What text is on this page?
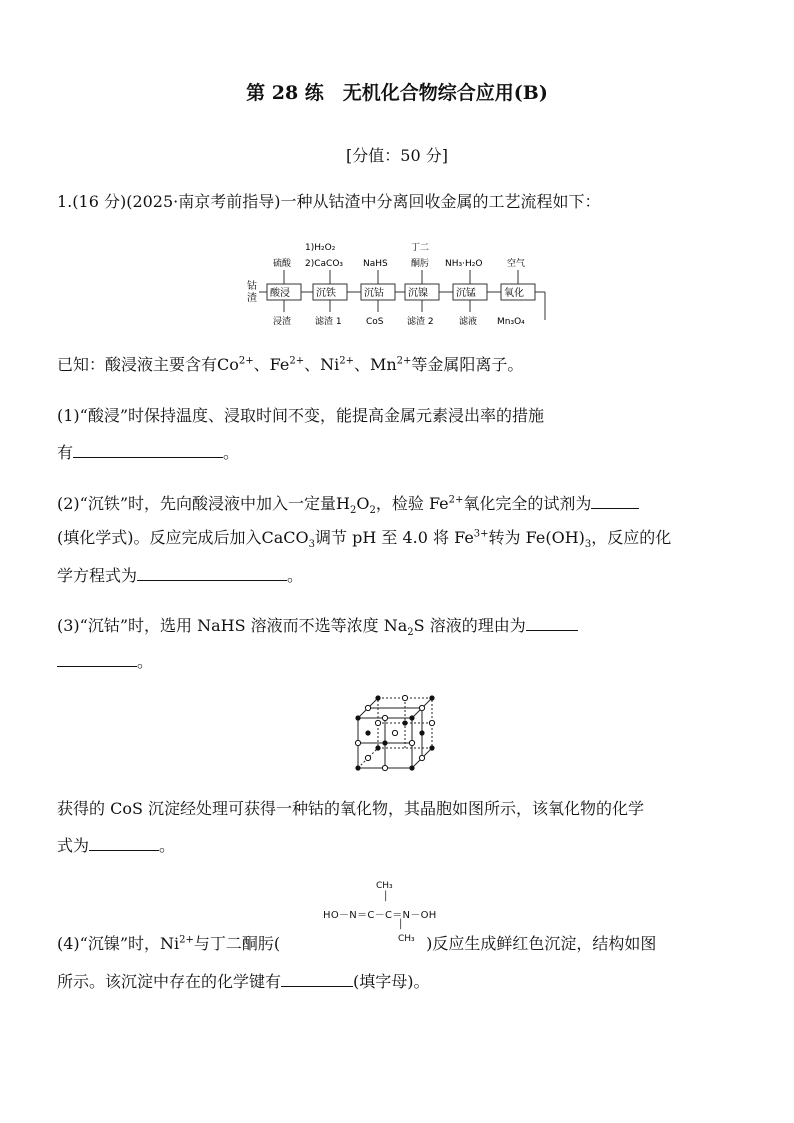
第 28 练　无机化合物综合应用(B)
[分值：50 分]
1.(16 分)(2025·南京考前指导)一种从钴渣中分离回收金属的工艺流程如下：
钴
渣 酸浸	沉铁	沉钴 沉镍	沉锰	氧化
硫酸
1)H₂O₂
2)CaCO₃ NaHS
丁二
酮肟 NH₃·H₂O	空气
浸渣	滤渣 1	CoS	滤渣 2	滤液 Mn₃O₄
已知：酸浸液主要含有$Co^{2+}$、$Fe^{2+}$、$Ni^{2+}$、$Mn^{2+}$等金属阳离子。
(1)“酸浸”时保持温度、浸取时间不变，能提高金属元素浸出率的措施
有	。
(2)“沉铁”时，先向酸浸液中加入一定量$H_2O_2$，检验 $Fe^{2+}$氧化完全的试剂为
(填化学式)。反应完成后加入CaCO$_3$调节 pH 至 4.0 将 $Fe^{3+}$转为 $Fe(OH)_3$，反应的化
学方程式为	。
(3)“沉钴”时，选用 NaHS 溶液而不选等浓度 $Na_2S$ 溶液的理由为
。
获得的 CoS 沉淀经处理可获得一种钴的氧化物，其晶胞如图所示，该氧化物的化学
式为	。
CH₃
│
HO－N＝C－C＝N－OH
│
CH₃
(4)“沉镍”时，$Ni^{2+}$与丁二酮肟(	)反应生成鲜红色沉淀，结构如图
所示。该沉淀中存在的化学键有	(填字母)。
